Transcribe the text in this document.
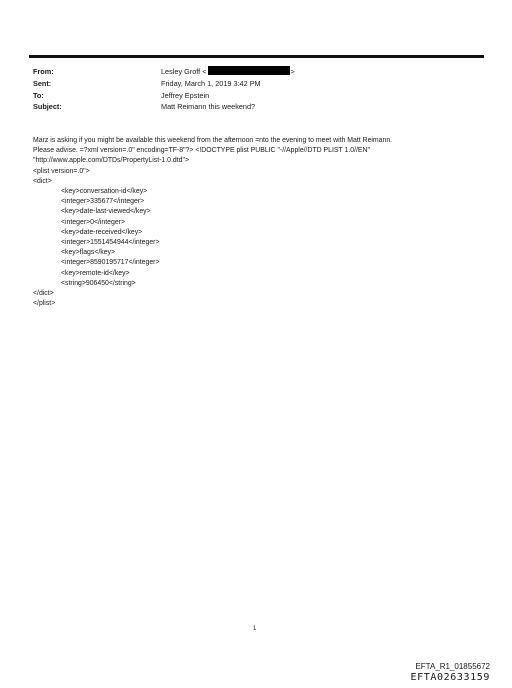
From:	Lesley Groff <	>
Sent:	Friday, March 1, 2019 3:42 PM
To:	Jeffrey Epstein
Subject:	Matt Reimann this weekend?
Marz is asking if you might be available this weekend from the afternoon =nto the evening to meet with Matt Reimann.
Please advise. =?xml version=.0" encoding=TF-8"?> <!DOCTYPE plist PUBLIC "-//Apple//DTD PLIST 1.0//EN"
"http://www.apple.com/DTDs/PropertyList-1.0.dtd">
<plist version=.0">
<dict>
<key>conversation-id</key>
<integer>335677</integer>
<key>date-last-viewed</key>
<integer>0</integer>
<key>date-received</key>
<integer>1551454944</integer>
<key>flags</key>
<integer>8590195717</integer>
<key>remote-id</key>
<string>906450</string>
</dict>
</plist>
1
EFTA_R1_01855672
EFTA02633159
